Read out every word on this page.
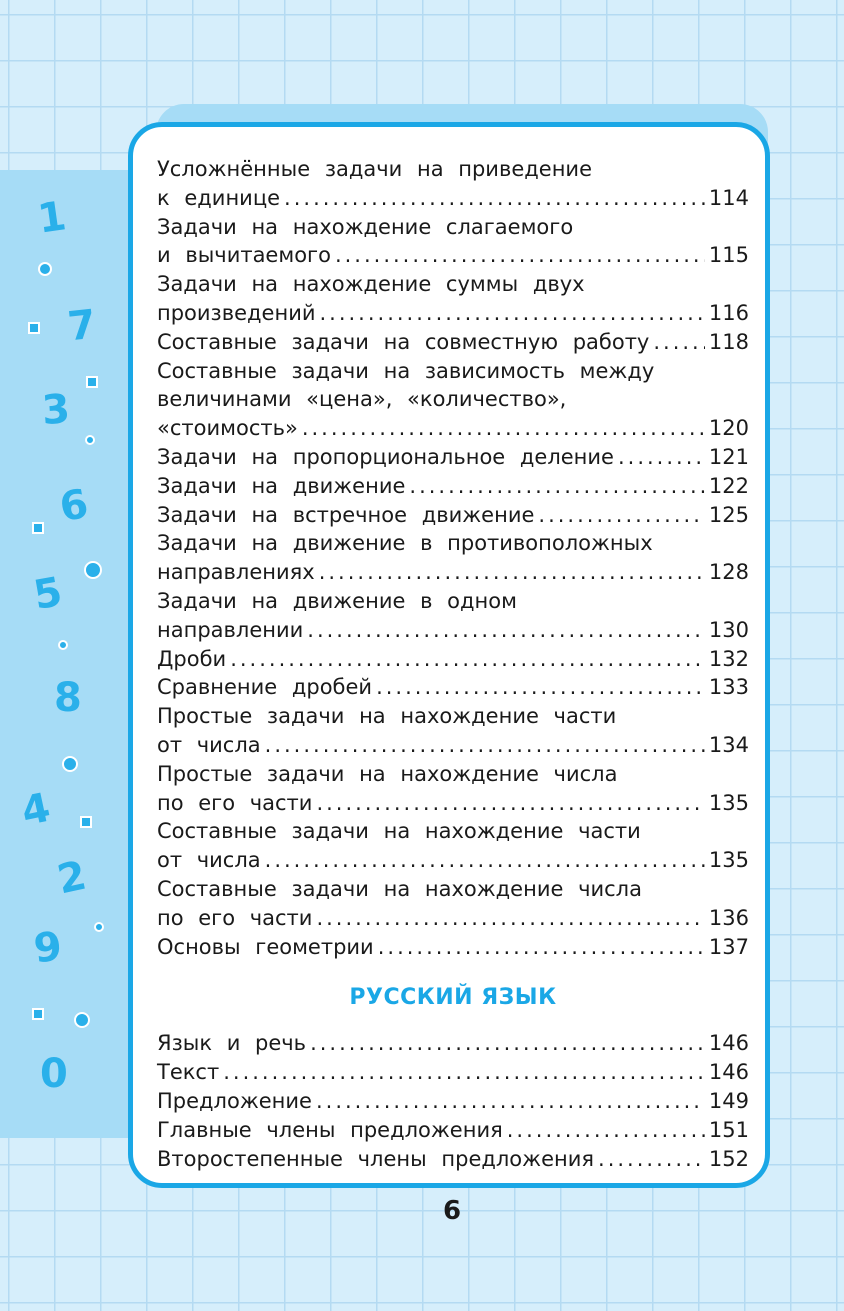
1
7
3
6
5
8
4
2
9
0
Усложнённые задачи на приведение
к единице .....	114
Задачи на нахождение слагаемого
и вычитаемого .....	115
Задачи на нахождение суммы двух
произведений .....	116
Составные задачи на совместную работу .....	118
Составные задачи на зависимость между
величинами «цена», «количество»,
«стоимость» .....	120
Задачи на пропорциональное деление .....	121
Задачи на движение .....	122
Задачи на встречное движение .....	125
Задачи на движение в противоположных
направлениях .....	128
Задачи на движение в одном
направлении .....	130
Дроби .....	132
Сравнение дробей .....	133
Простые задачи на нахождение части
от числа .....	134
Простые задачи на нахождение числа
по его части .....	135
Составные задачи на нахождение части
от числа .....	135
Составные задачи на нахождение числа
по его части .....	136
Основы геометрии .....	137
РУССКИЙ ЯЗЫК
Язык и речь .....	146
Текст .....	146
Предложение .....	149
Главные члены предложения .....	151
Второстепенные члены предложения .....	152
6
